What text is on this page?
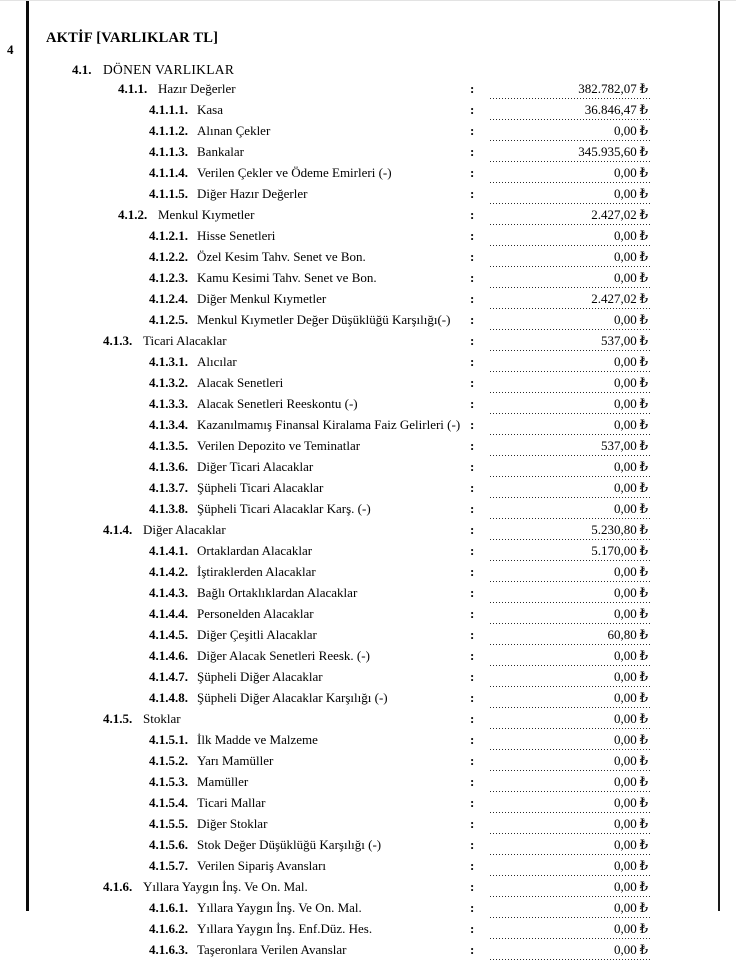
4
AKTİF [VARLIKLAR TL]
4.1. DÖNEN VARLIKLAR
4.1.1. Hazır Değerler	:	382.782,07 ₺
4.1.1.1. Kasa	:	36.846,47 ₺
4.1.1.2. Alınan Çekler	:	0,00 ₺
4.1.1.3. Bankalar	:	345.935,60 ₺
4.1.1.4. Verilen Çekler ve Ödeme Emirleri (-)	:	0,00 ₺
4.1.1.5. Diğer Hazır Değerler	:	0,00 ₺
4.1.2. Menkul Kıymetler	:	2.427,02 ₺
4.1.2.1. Hisse Senetleri	:	0,00 ₺
4.1.2.2. Özel Kesim Tahv. Senet ve Bon.	:	0,00 ₺
4.1.2.3. Kamu Kesimi Tahv. Senet ve Bon.	:	0,00 ₺
4.1.2.4. Diğer Menkul Kıymetler	:	2.427,02 ₺
4.1.2.5. Menkul Kıymetler Değer Düşüklüğü Karşılığı(-)	:	0,00 ₺
4.1.3. Ticari Alacaklar	:	537,00 ₺
4.1.3.1. Alıcılar	:	0,00 ₺
4.1.3.2. Alacak Senetleri	:	0,00 ₺
4.1.3.3. Alacak Senetleri Reeskontu (-)	:	0,00 ₺
4.1.3.4. Kazanılmamış Finansal Kiralama Faiz Gelirleri (-) :	0,00 ₺
4.1.3.5. Verilen Depozito ve Teminatlar	:	537,00 ₺
4.1.3.6. Diğer Ticari Alacaklar	:	0,00 ₺
4.1.3.7. Şüpheli Ticari Alacaklar	:	0,00 ₺
4.1.3.8. Şüpheli Ticari Alacaklar Karş. (-)	:	0,00 ₺
4.1.4. Diğer Alacaklar	:	5.230,80 ₺
4.1.4.1. Ortaklardan Alacaklar	:	5.170,00 ₺
4.1.4.2. İştiraklerden Alacaklar	:	0,00 ₺
4.1.4.3. Bağlı Ortaklıklardan Alacaklar	:	0,00 ₺
4.1.4.4. Personelden Alacaklar	:	0,00 ₺
4.1.4.5. Diğer Çeşitli Alacaklar	:	60,80 ₺
4.1.4.6. Diğer Alacak Senetleri Reesk. (-)	:	0,00 ₺
4.1.4.7. Şüpheli Diğer Alacaklar	:	0,00 ₺
4.1.4.8. Şüpheli Diğer Alacaklar Karşılığı (-)	:	0,00 ₺
4.1.5. Stoklar	:	0,00 ₺
4.1.5.1. İlk Madde ve Malzeme	:	0,00 ₺
4.1.5.2. Yarı Mamüller	:	0,00 ₺
4.1.5.3. Mamüller	:	0,00 ₺
4.1.5.4. Ticari Mallar	:	0,00 ₺
4.1.5.5. Diğer Stoklar	:	0,00 ₺
4.1.5.6. Stok Değer Düşüklüğü Karşılığı (-)	:	0,00 ₺
4.1.5.7. Verilen Sipariş Avansları	:	0,00 ₺
4.1.6. Yıllara Yaygın İnş. Ve On. Mal.	:	0,00 ₺
4.1.6.1. Yıllara Yaygın İnş. Ve On. Mal.	:	0,00 ₺
4.1.6.2. Yıllara Yaygın İnş. Enf.Düz. Hes.	:	0,00 ₺
4.1.6.3. Taşeronlara Verilen Avanslar	:	0,00 ₺
